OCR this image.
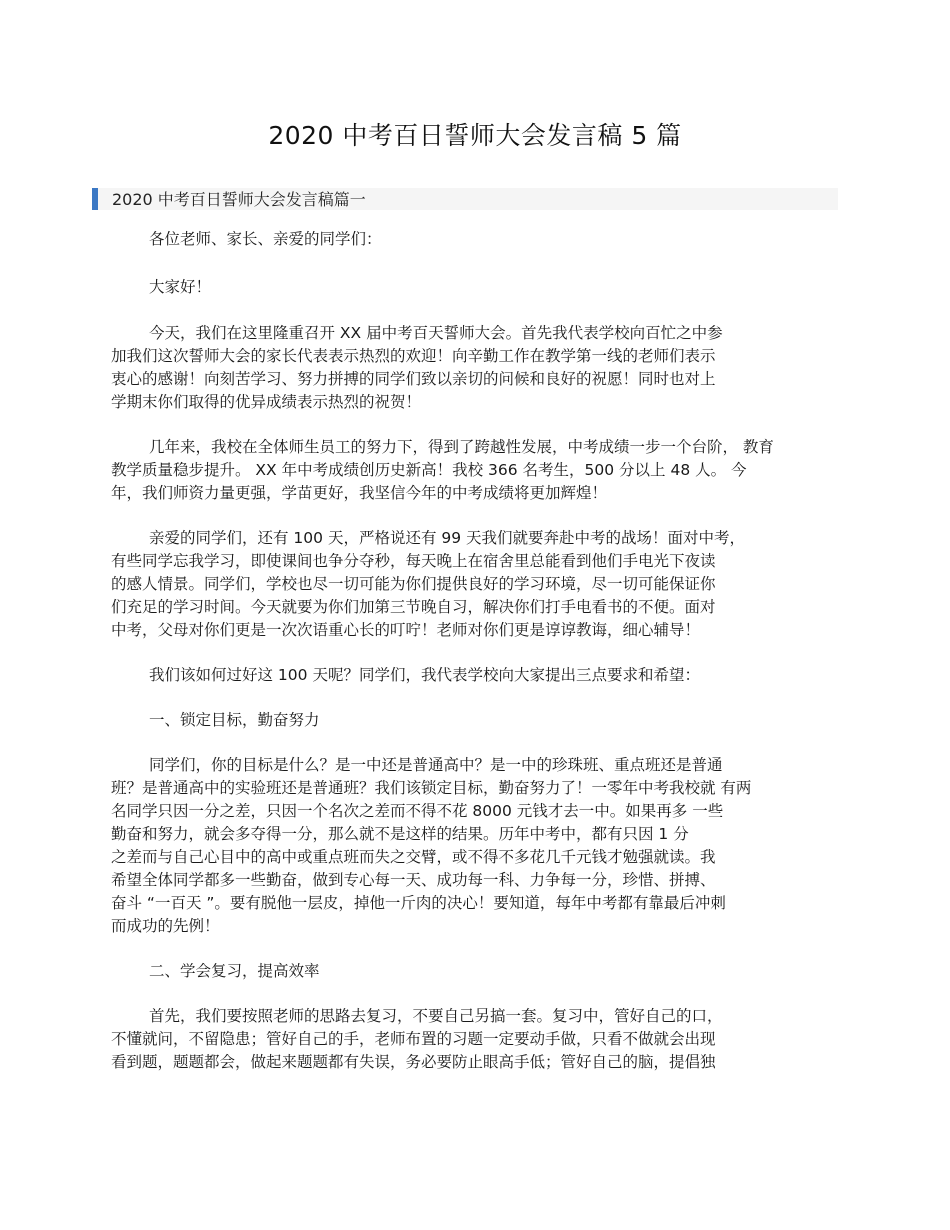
2020 中考百日誓师大会发言稿 5 篇
2020 中考百日誓师大会发言稿篇一

各位老师、家长、亲爱的同学们：

大家好！

今天，我们在这里隆重召开 XX 届中考百天誓师大会。首先我代表学校向百忙之中参
加我们这次誓师大会的家长代表表示热烈的欢迎！向辛勤工作在教学第一线的老师们表示
衷心的感谢！向刻苦学习、努力拼搏的同学们致以亲切的问候和良好的祝愿！同时也对上
学期末你们取得的优异成绩表示热烈的祝贺！

几年来，我校在全体师生员工的努力下，得到了跨越性发展，中考成绩一步一个台阶， 教育
教学质量稳步提升。 XX 年中考成绩创历史新高！我校 366 名考生，500 分以上 48 人。 今
年，我们师资力量更强，学苗更好，我坚信今年的中考成绩将更加辉煌！

亲爱的同学们，还有 100 天，严格说还有 99 天我们就要奔赴中考的战场！面对中考，
有些同学忘我学习，即使课间也争分夺秒，每天晚上在宿舍里总能看到他们手电光下夜读
的感人情景。同学们，学校也尽一切可能为你们提供良好的学习环境，尽一切可能保证你
们充足的学习时间。今天就要为你们加第三节晚自习，解决你们打手电看书的不便。面对
中考，父母对你们更是一次次语重心长的叮咛！老师对你们更是谆谆教诲，细心辅导！

我们该如何过好这 100 天呢？同学们，我代表学校向大家提出三点要求和希望：

一、锁定目标，勤奋努力

同学们，你的目标是什么？是一中还是普通高中？是一中的珍珠班、重点班还是普通
班？是普通高中的实验班还是普通班？我们该锁定目标，勤奋努力了！一零年中考我校就 有两
名同学只因一分之差，只因一个名次之差而不得不花 8000 元钱才去一中。如果再多 一些
勤奋和努力，就会多夺得一分，那么就不是这样的结果。历年中考中，都有只因 1 分
之差而与自己心目中的高中或重点班而失之交臂，或不得不多花几千元钱才勉强就读。我
希望全体同学都多一些勤奋，做到专心每一天、成功每一科、力争每一分，珍惜、拼搏、
奋斗 “一百天 ”。要有脱他一层皮，掉他一斤肉的决心！要知道，每年中考都有靠最后冲刺
而成功的先例！

二、学会复习，提高效率

首先，我们要按照老师的思路去复习，不要自己另搞一套。复习中，管好自己的口，
不懂就问，不留隐患；管好自己的手，老师布置的习题一定要动手做，只看不做就会出现
看到题，题题都会，做起来题题都有失误，务必要防止眼高手低；管好自己的脑，提倡独
